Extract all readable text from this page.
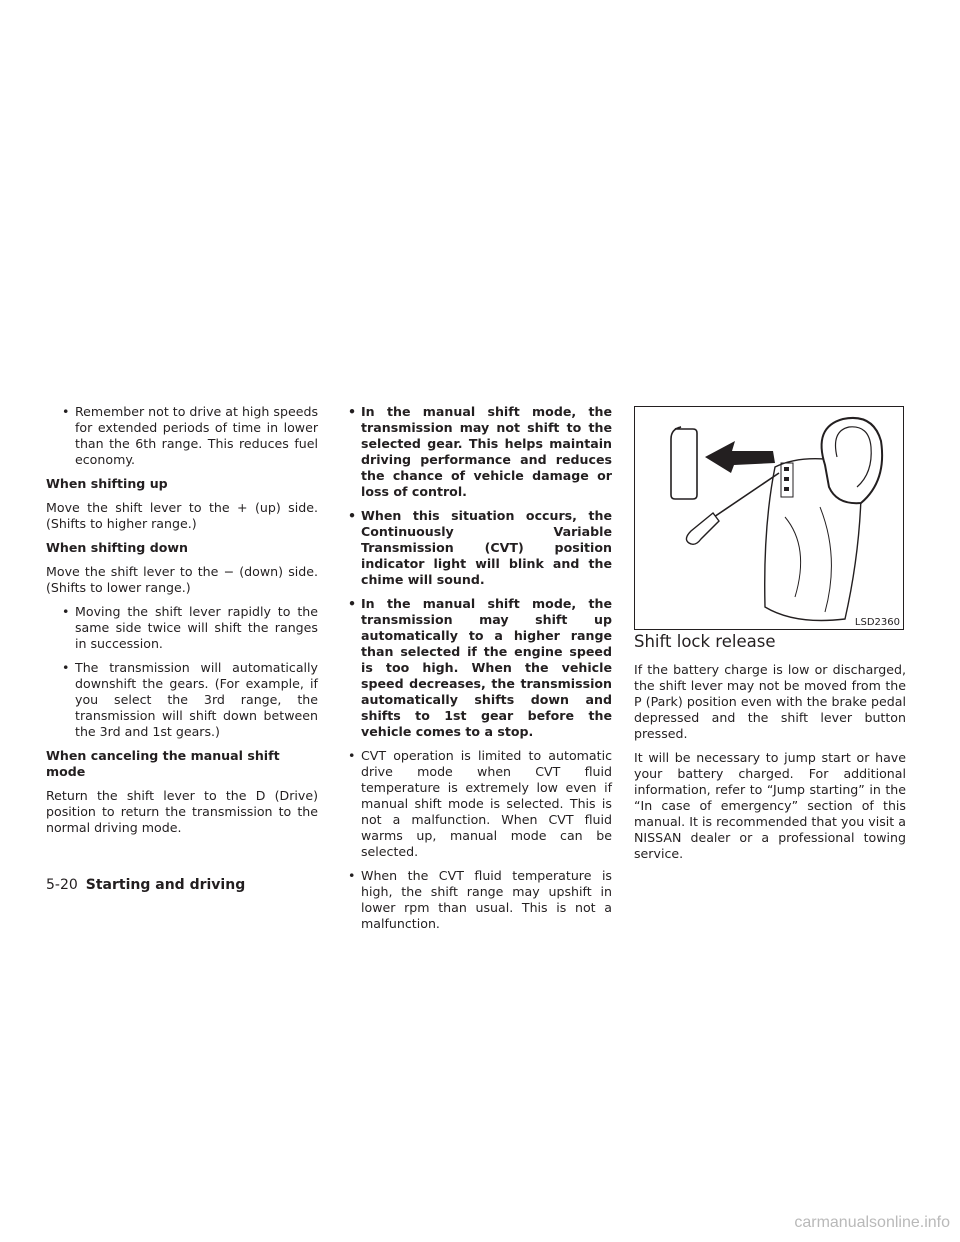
• Remember not to drive at high speeds for extended periods of time in lower than the 6th range. This reduces fuel economy.
When shifting up
Move the shift lever to the + (up) side. (Shifts to higher range.)
When shifting down
Move the shift lever to the − (down) side. (Shifts to lower range.)
• Moving the shift lever rapidly to the same side twice will shift the ranges in succession.
• The transmission will automatically downshift the gears. (For example, if you select the 3rd range, the transmission will shift down between the 3rd and 1st gears.)
When canceling the manual shift mode
Return the shift lever to the D (Drive) position to return the transmission to the normal driving mode.
• In the manual shift mode, the transmission may not shift to the selected gear. This helps maintain driving performance and reduces the chance of vehicle damage or loss of control.
• When this situation occurs, the Continuously Variable Transmission (CVT) position indicator light will blink and the chime will sound.
• In the manual shift mode, the transmission may shift up automatically to a higher range than selected if the engine speed is too high. When the vehicle speed decreases, the transmission automatically shifts down and shifts to 1st gear before the vehicle comes to a stop.
• CVT operation is limited to automatic drive mode when CVT fluid temperature is extremely low even if manual shift mode is selected. This is not a malfunction. When CVT fluid warms up, manual mode can be selected.
• When the CVT fluid temperature is high, the shift range may upshift in lower rpm than usual. This is not a malfunction.
LSD2360
Shift lock release
If the battery charge is low or discharged, the shift lever may not be moved from the P (Park) position even with the brake pedal depressed and the shift lever button pressed.
It will be necessary to jump start or have your battery charged. For additional information, refer to “Jump starting” in the “In case of emergency” section of this manual. It is recommended that you visit a NISSAN dealer or a professional towing service.
5-20 Starting and driving
carmanualsonline.info
